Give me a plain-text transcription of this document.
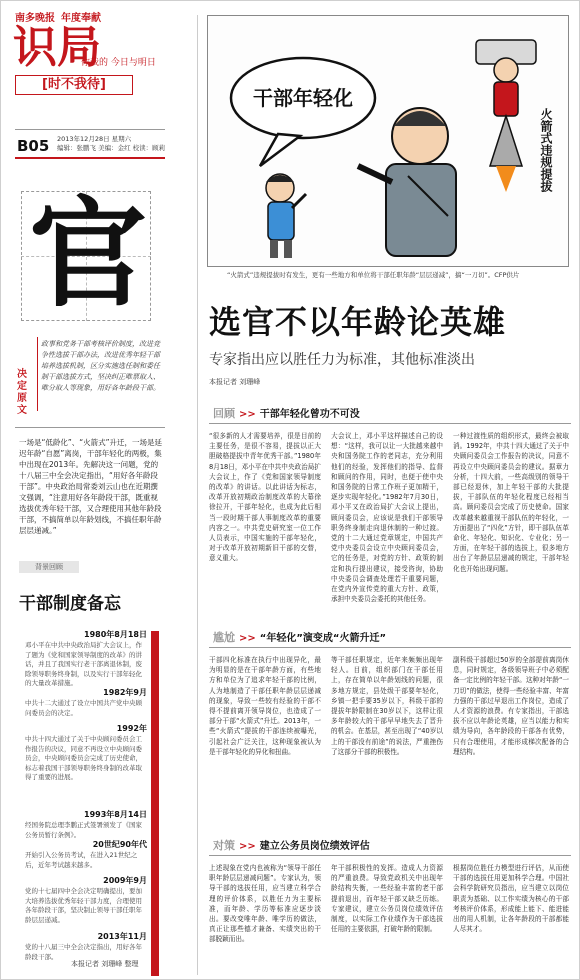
南多晚报 年度奉献
识局
你我的 今日与明日
[时不我待]
B05 2013年12月28日 星期六
编辑：张鹏飞 美编：金红 校读：顾莉
官
决定原文
政事和党务干部考核评价制度，改进竞争性选拔干部办法，改进优秀年轻干部培养选拔机制，区分实施选任制和委任制干部选拔方式，坚决纠正唯票取人、唯分取人等现象，用好各年龄段干部。
一场是“低龄化”、“火箭式”升迁，一场是延迟年龄“自愿”离岗，干部年轻化的两极，集中出现在2013年。先解决这一问题，党的十八届三中全会决定指出，“用好各年龄段干部”。中央政治局常委刘云山也在近期撰文强调，“注意用好各年龄段干部，既重视选拔优秀年轻干部，又合理使用其他年龄段干部，不搞简单以年龄划线，不搞任职年龄层层递减。”
背景回顾
干部制度备忘
1980年8月18日
邓小平在中共中央政治局扩大会议上，作了题为《党和国家领导制度的改革》的讲话，并且了我国实行老干部离退休制，废除领导职务终身制，以及实行干部年轻化的大量改革措施。
1982年9月
中共十二大通过了设立中国共产党中央顾问委员会的决定。
1992年
中共十四大通过了关于中央顾问委员会工作报告的决议，同意不再设立中央顾问委员会，中央顾问委员会完成了历史使命，标志着我国干部领导职务终身制的改革取得了重要的进展。
1993年8月14日
经国务院总理李鹏正式签署颁发了《国家公务员暂行条例》。
20世纪90年代
开始引入公务员考试，在进入21世纪之后，近年考试越来越多。
2009年9月
党的十七届四中全会决定明确提出，要加大培养选拔优秀年轻干部力度，合理使用各年龄段干部，坚决制止领导干部任职年龄层层递减。
2013年11月
党的十八届三中全会决定指出，用好各年龄段干部。
本报记者 刘珊峰 整理
干部年轻化
火箭式违规提拔
“火箭式”违规提拔时有发生，更有一些地方和单位将干部任职年龄“层层递减”，搞“一刀切”。CFP供片
选官不以年龄论英雄
专家指出应以胜任力为标准，其他标准淡出
本报记者 刘珊峰
回顾 >> 干部年轻化曾功不可没
“很多新的人才需要培养，很是目前的主要任务，是很不容易，提拔以正大胆破格提拔中青年优秀干部。”1980年8月18日，邓小平在中共中央政治局扩大会议上，作了《党和国家领导制度的改革》的讲话。以此讲话为标志，改革开放初期政治制度改革的大幕徐徐拉开，干部年轻化，也成为此后相当一段时期干部人事制度改革的重要内容之一。中共党史研究室一位工作人员表示，中国实施的干部年轻化，对于改革开放初期新旧干部的交替，意义重大。
大会议上，邓小平这样描述自己的设想：“这样，我可以让一大批越来越中央和国务院工作的老同志，充分利用他们的经验，发挥他们的指导、监督和顾问的作用，同时，也便于使中央和国务院的日常工作班子更加精干，逐步实现年轻化。”1982年7月30日，邓小平又在政治局扩大会议上提出，顾问委员会，应该说是我们干部领导职务终身制走向退休制的一种过渡。党的十二大通过党章规定，中国共产党中央委员会设立中央顾问委员会，它的任务是，对党的方针、政策的制定和执行提出建议，接受咨询，协助中央委员会调查处理若干重要问题，在党内外宣传党的重大方针、政策，承担中央委员会委托的其他任务。
一种过渡性质的组织形式，最终会被取消。1992年，中共十四大通过了关于中央顾问委员会工作报告的决议，同意不再设立中央顾问委员会的建议。据章力分析，十四大前，一些高级别的领导干部已经退休，加上年轻干部的大批提拔，干部队伍的年轻化程度已经相当高。顾问委员会完成了历史使命。国家改革越来越重视干部队伍的年轻化，一方面提出了“四化”方针，即干部队伍革命化、年轻化、知识化、专业化；另一方面，在年轻干部的选拔上，很多地方出台了年龄层层递减的规定，干部年轻化也开始出现问题。
尴尬 >> “年轻化”演变成“火箭升迁”
干部四化标准在执行中出现异化，最为明显的是在干部年龄方面，有些地方和单位为了追求年轻干部的比例，人为地制造了干部任职年龄层层递减的现象，导致一些较有经验的干部不得不提前离开领导岗位，也造成了一部分干部“火箭式”升迁。2013年，一些“火箭式”提拔的干部连续被曝光，引起社会广泛关注，这种现象被认为是干部年轻化的异化和扭曲。
等干部任职规定，近年来频频出现年轻人。目前，组织部门在干部任用上，存在简单以年龄划线的问题，很多地方规定，县处级干部要年轻化，乡镇一把手要35岁以下，科级干部的提拔年龄限制在30岁以下，这样让很多年龄较大的干部早早地失去了晋升的机会。在基层，甚至出现了“40岁以上的干部没有前途”的说法，严重挫伤了这部分干部的积极性。
副科级干部超过50岁的全部提前离岗休息，同时规定，各级领导班子中必须配备一定比例的年轻干部。这种对年龄“一刀切”的做法，使得一些经验丰富、年富力强的干部过早退出工作岗位，造成了人才资源的浪费。有专家指出，干部选拔不应以年龄论英雄，应当以能力和实绩为导向，各年龄段的干部各有优势，只有合理使用，才能形成梯次配备的合理结构。
对策 >> 建立公务员岗位绩效评估
上述现象在党内也被称为“领导干部任职年龄层层递减问题”。专家认为，领导干部的选拔任用，应当建立科学合理的评价体系，以胜任力为主要标准，而年龄、学历等标准应逐步淡出。要改变唯年龄、唯学历的做法，真正让那些德才兼备、实绩突出的干部脱颖而出。
年干部积极性的发挥。造成人力资源的严重浪费。导致党政机关中出现年龄结构失衡，一些经验丰富的老干部提前退出，而年轻干部又缺乏历练。专家建议，建立公务员岗位绩效评估制度，以实际工作业绩作为干部选拔任用的主要依据，打破年龄的限制。
根据岗位胜任力模型进行评估，从而使干部的选拔任用更加科学合理。中国社会科学院研究员指出，应当建立以岗位职责为基础、以工作实绩为核心的干部考核评价体系，形成能上能下、能进能出的用人机制，让各年龄段的干部都能人尽其才。
